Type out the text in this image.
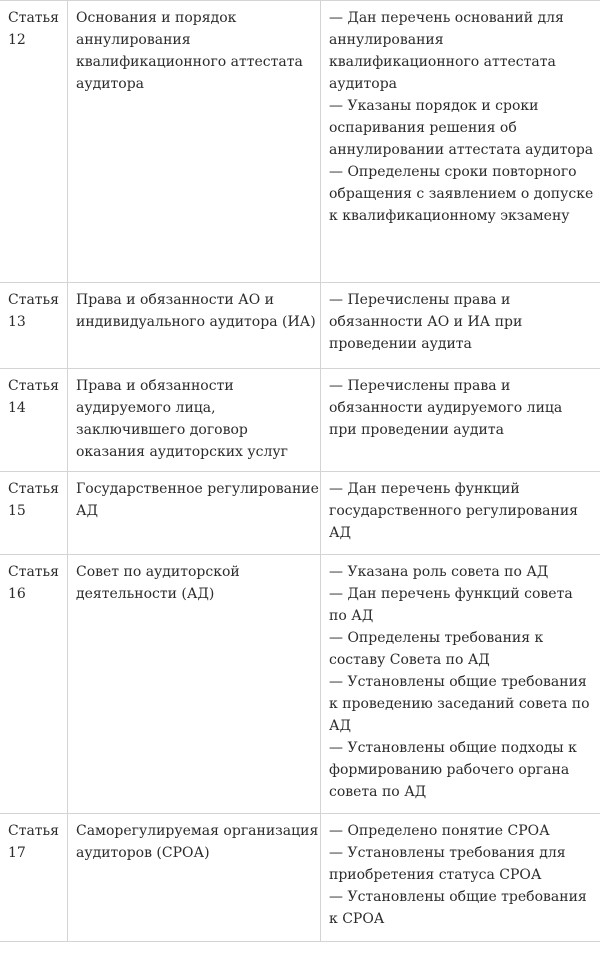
Статья 12	Основания и порядок аннулирования квалификационного аттестата аудитора	— Дан перечень оснований для аннулирования квалификационного аттестата аудитора
— Указаны порядок и сроки оспаривания решения об аннулировании аттестата аудитора
— Определены сроки повторного обращения с заявлением о допуске к квалификационному экзамену

Статья 13	Права и обязанности АО и индивидуального аудитора (ИА)	— Перечислены права и обязанности АО и ИА при проведении аудита

Статья 14	Права и обязанности аудируемого лица, заключившего договор оказания аудиторских услуг	— Перечислены права и обязанности аудируемого лица при проведении аудита

Статья 15	Государственное регулирование АД	— Дан перечень функций государственного регулирования АД

Статья 16	Совет по аудиторской деятельности (АД)	— Указана роль совета по АД
— Дан перечень функций совета по АД
— Определены требования к составу Совета по АД
— Установлены общие требования к проведению заседаний совета по АД
— Установлены общие подходы к формированию рабочего органа совета по АД

Статья 17	Саморегулируемая организация аудиторов (СРОА)	— Определено понятие СРОА
— Установлены требования для приобретения статуса СРОА
— Установлены общие требования к СРОА
